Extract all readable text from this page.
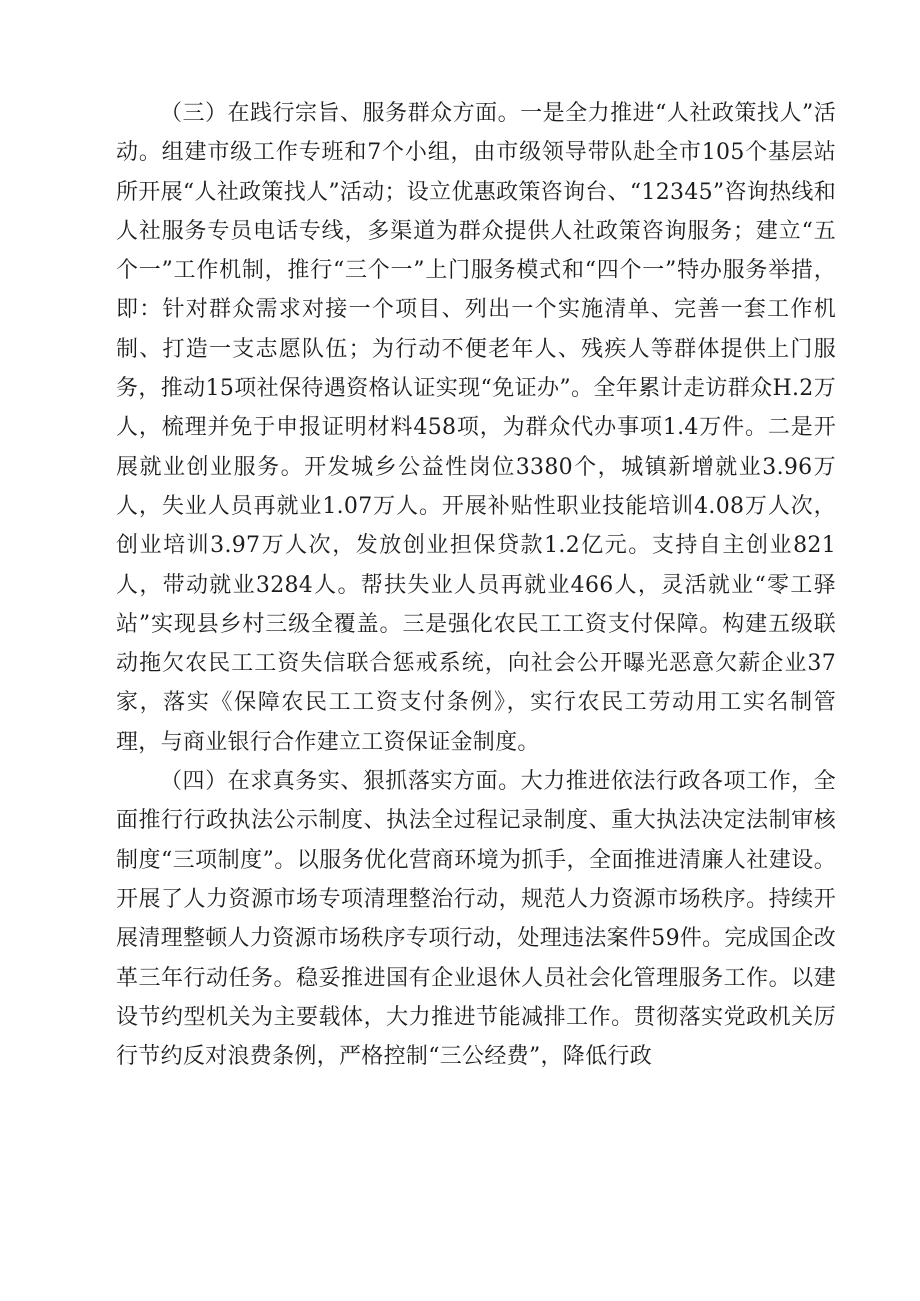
（三）在践行宗旨、服务群众方面。一是全力推进“人社政策找人”活动。组建市级工作专班和7个小组，由市级领导带队赴全市105个基层站所开展“人社政策找人”活动；设立优惠政策咨询台、“12345”咨询热线和人社服务专员电话专线，多渠道为群众提供人社政策咨询服务；建立“五个一”工作机制，推行“三个一”上门服务模式和“四个一”特办服务举措，即：针对群众需求对接一个项目、列出一个实施清单、完善一套工作机制、打造一支志愿队伍；为行动不便老年人、残疾人等群体提供上门服务，推动15项社保待遇资格认证实现“免证办”。全年累计走访群众H.2万人，梳理并免于申报证明材料458项，为群众代办事项1.4万件。二是开展就业创业服务。开发城乡公益性岗位3380个，城镇新增就业3.96万人，失业人员再就业1.07万人。开展补贴性职业技能培训4.08万人次，创业培训3.97万人次，发放创业担保贷款1.2亿元。支持自主创业821人，带动就业3284人。帮扶失业人员再就业466人，灵活就业“零工驿站”实现县乡村三级全覆盖。三是强化农民工工资支付保障。构建五级联动拖欠农民工工资失信联合惩戒系统，向社会公开曝光恶意欠薪企业37家，落实《保障农民工工资支付条例》，实行农民工劳动用工实名制管理，与商业银行合作建立工资保证金制度。

（四）在求真务实、狠抓落实方面。大力推进依法行政各项工作，全面推行行政执法公示制度、执法全过程记录制度、重大执法决定法制审核制度“三项制度”。以服务优化营商环境为抓手，全面推进清廉人社建设。开展了人力资源市场专项清理整治行动，规范人力资源市场秩序。持续开展清理整顿人力资源市场秩序专项行动，处理违法案件59件。完成国企改革三年行动任务。稳妥推进国有企业退休人员社会化管理服务工作。以建设节约型机关为主要载体，大力推进节能减排工作。贯彻落实党政机关厉行节约反对浪费条例，严格控制“三公经费”，降低行政
